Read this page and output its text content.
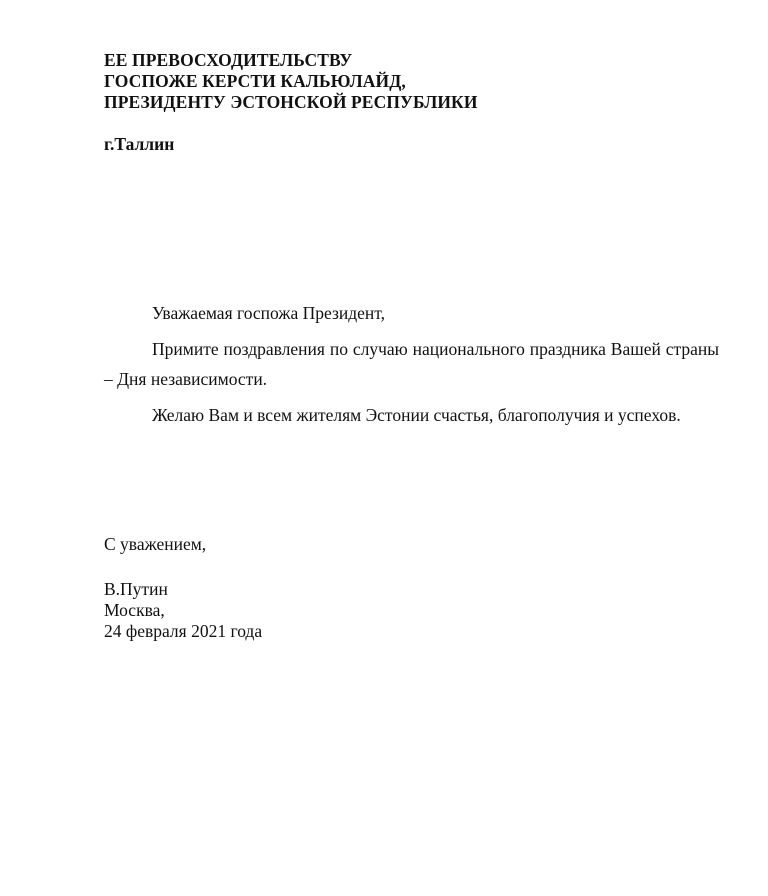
ЕЕ ПРЕВОСХОДИТЕЛЬСТВУ
ГОСПОЖЕ КЕРСТИ КАЛЬЮЛАЙД,
ПРЕЗИДЕНТУ ЭСТОНСКОЙ РЕСПУБЛИКИ
г.Таллин

Уважаемая госпожа Президент,

Примите поздравления по случаю национального праздника Вашей страны – Дня независимости.

Желаю Вам и всем жителям Эстонии счастья, благополучия и успехов.

С уважением,
В.Путин
Москва,
24 февраля 2021 года
